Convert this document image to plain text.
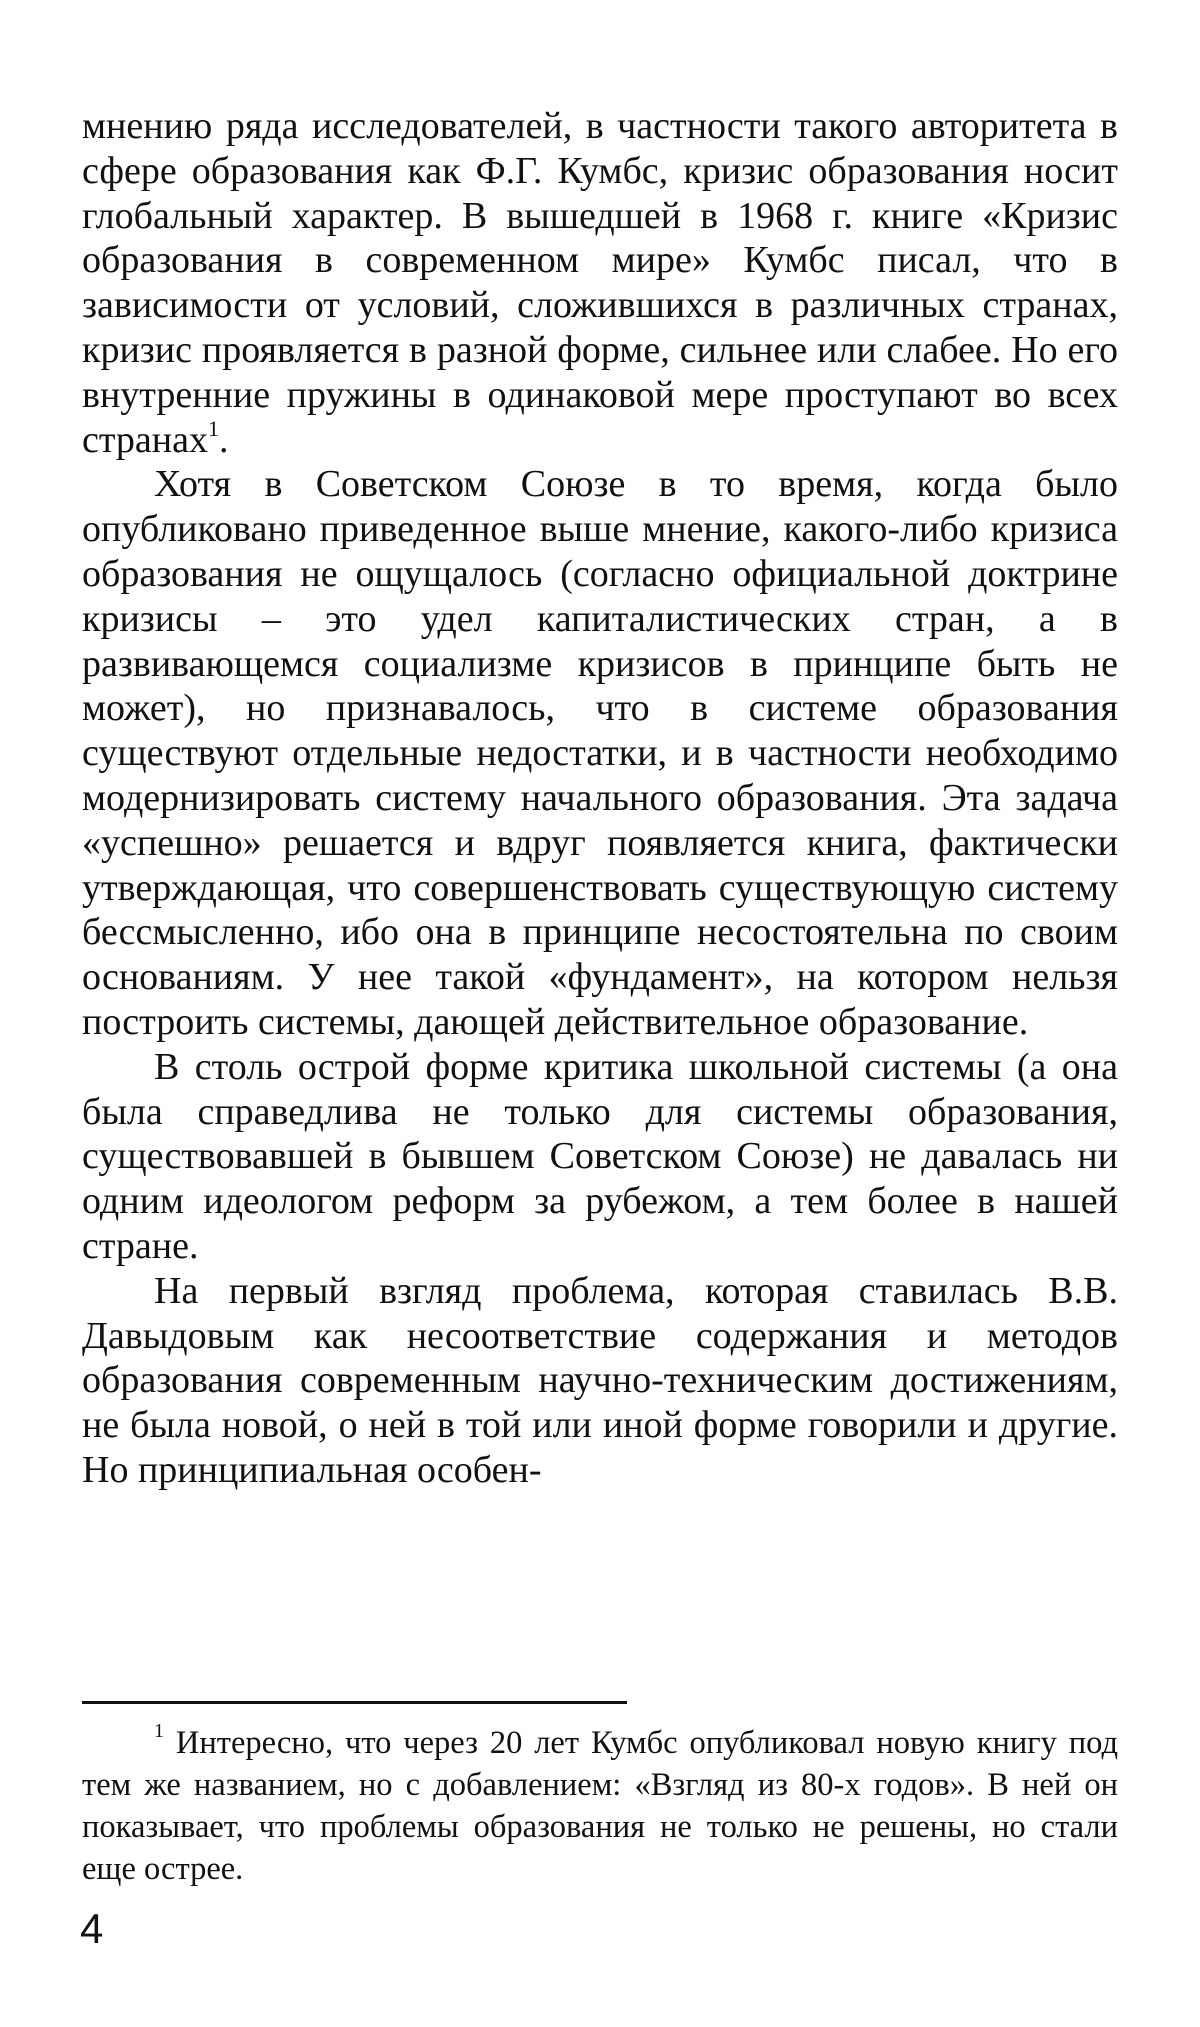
мнению ряда исследователей, в частности такого авторитета в сфере образования как Ф.Г. Кумбс, кризис образования носит глобальный характер. В вышедшей в 1968 г. книге «Кризис образования в современном мире» Кумбс писал, что в зависимости от условий, сложившихся в различных странах, кризис проявляется в разной форме, сильнее или слабее. Но его внутренние пружины в одинаковой мере проступают во всех странах$^1$.

Хотя в Советском Союзе в то время, когда было опубликовано приведенное выше мнение, какого-либо кризиса образования не ощущалось (согласно официальной доктрине кризисы – это удел капиталистических стран, а в развивающемся социализме кризисов в принципе быть не может), но признавалось, что в системе образования существуют отдельные недостатки, и в частности необходимо модернизировать систему начального образования. Эта задача «успешно» решается и вдруг появляется книга, фактически утверждающая, что совершенствовать существующую систему бессмысленно, ибо она в принципе несостоятельна по своим основаниям. У нее такой «фундамент», на котором нельзя построить системы, дающей действительное образование.

В столь острой форме критика школьной системы (а она была справедлива не только для системы образования, существовавшей в бывшем Советском Союзе) не давалась ни одним идеологом реформ за рубежом, а тем более в нашей стране.

На первый взгляд проблема, которая ставилась В.В. Давыдовым как несоответствие содержания и методов образования современным научно-техническим достижениям, не была новой, о ней в той или иной форме говорили и другие. Но принципиальная особен-

$^1$ Интересно, что через 20 лет Кумбс опубликовал новую книгу под тем же названием, но с добавлением: «Взгляд из 80-х годов». В ней он показывает, что проблемы образования не только не решены, но стали еще острее.
4
